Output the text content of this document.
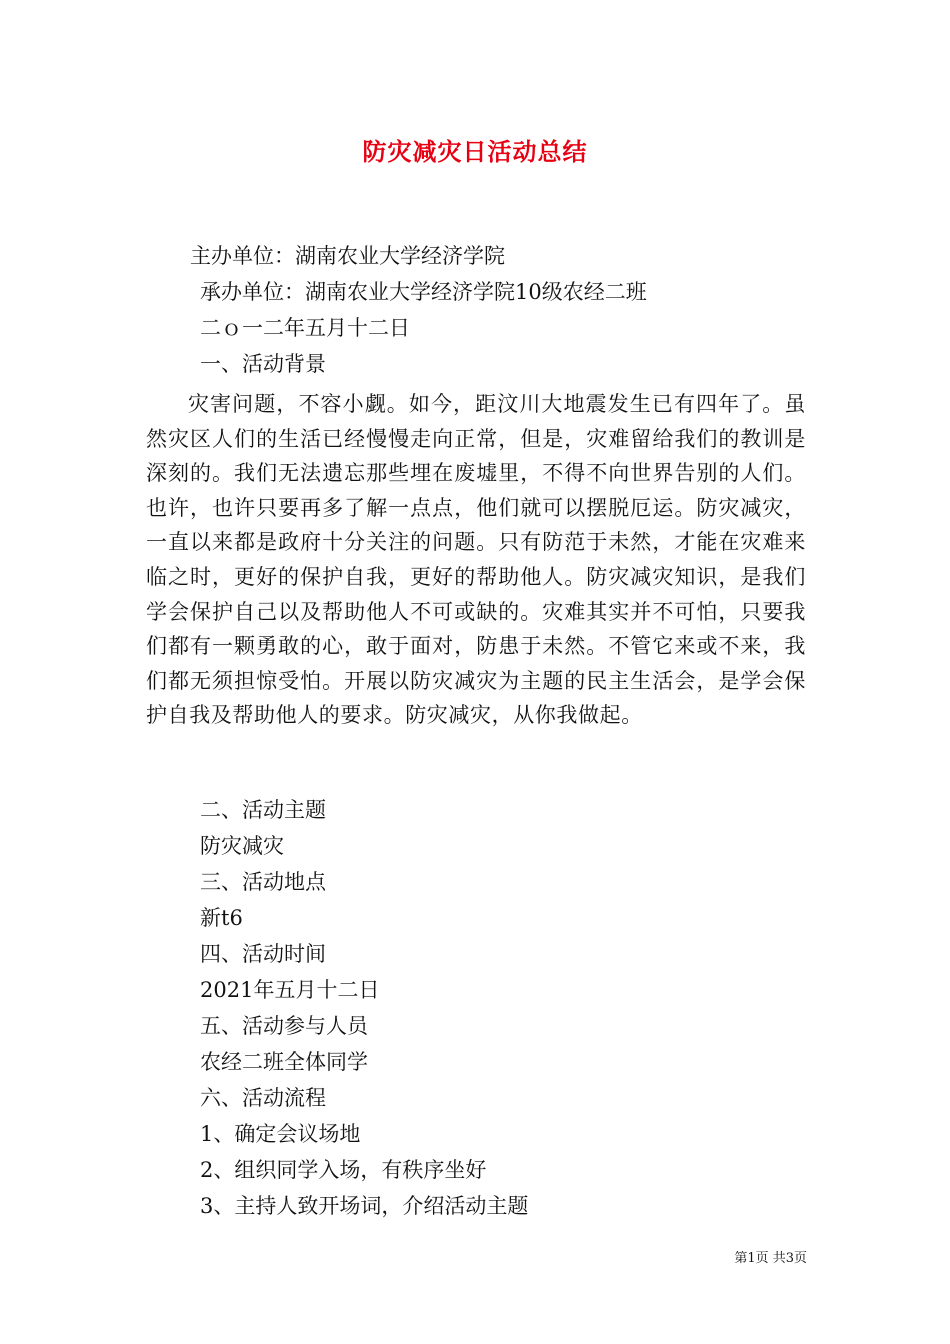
防灾减灾日活动总结
主办单位：湖南农业大学经济学院
承办单位：湖南农业大学经济学院10级农经二班
二ｏ一二年五月十二日
一、活动背景
灾害问题，不容小觑。如今，距汶川大地震发生已有四年了。虽然灾区人们的生活已经慢慢走向正常，但是，灾难留给我们的教训是深刻的。我们无法遗忘那些埋在废墟里，不得不向世界告别的人们。也许，也许只要再多了解一点点，他们就可以摆脱厄运。防灾减灾，一直以来都是政府十分关注的问题。只有防范于未然，才能在灾难来临之时，更好的保护自我，更好的帮助他人。防灾减灾知识，是我们学会保护自己以及帮助他人不可或缺的。灾难其实并不可怕，只要我们都有一颗勇敢的心，敢于面对，防患于未然。不管它来或不来，我们都无须担惊受怕。开展以防灾减灾为主题的民主生活会，是学会保护自我及帮助他人的要求。防灾减灾，从你我做起。
二、活动主题
防灾减灾
三、活动地点
新t6
四、活动时间
2021年五月十二日
五、活动参与人员
农经二班全体同学
六、活动流程
1、确定会议场地
2、组织同学入场，有秩序坐好
3、主持人致开场词，介绍活动主题
第1页 共3页
